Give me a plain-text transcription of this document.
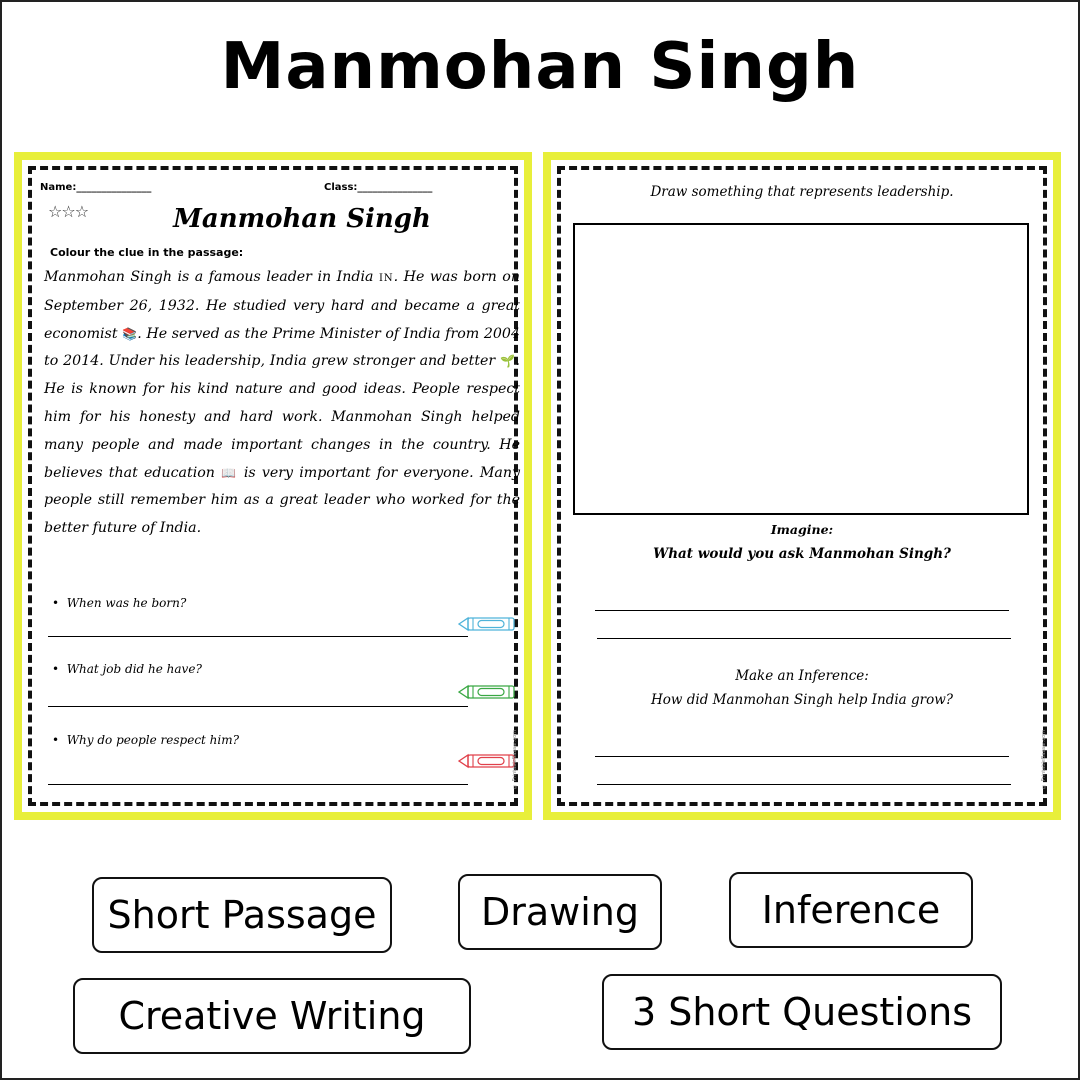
Manmohan Singh
Name:_______________	Class:_______________
☆☆☆	Manmohan Singh
Colour the clue in the passage:
Manmohan Singh is a famous leader in India IN. He was born on September 26, 1932. He studied very hard and became a great economist 📚. He served as the Prime Minister of India from 2004 to 2014. Under his leadership, India grew stronger and better 🌱. He is known for his kind nature and good ideas. People respect him for his honesty and hard work. Manmohan Singh helped many people and made important changes in the country. He believes that education 📖 is very important for everyone. Many people still remember him as a great leader who worked for the better future of India.
• When was he born?
• What job did he have?
• Why do people respect him?	© PrintableBazaar.com
Draw something that represents leadership.
Imagine:
What would you ask Manmohan Singh?
Make an Inference:
How did Manmohan Singh help India grow?
© PrintableBazaar.com
Short Passage	Drawing	Inference
Creative Writing	3 Short Questions
